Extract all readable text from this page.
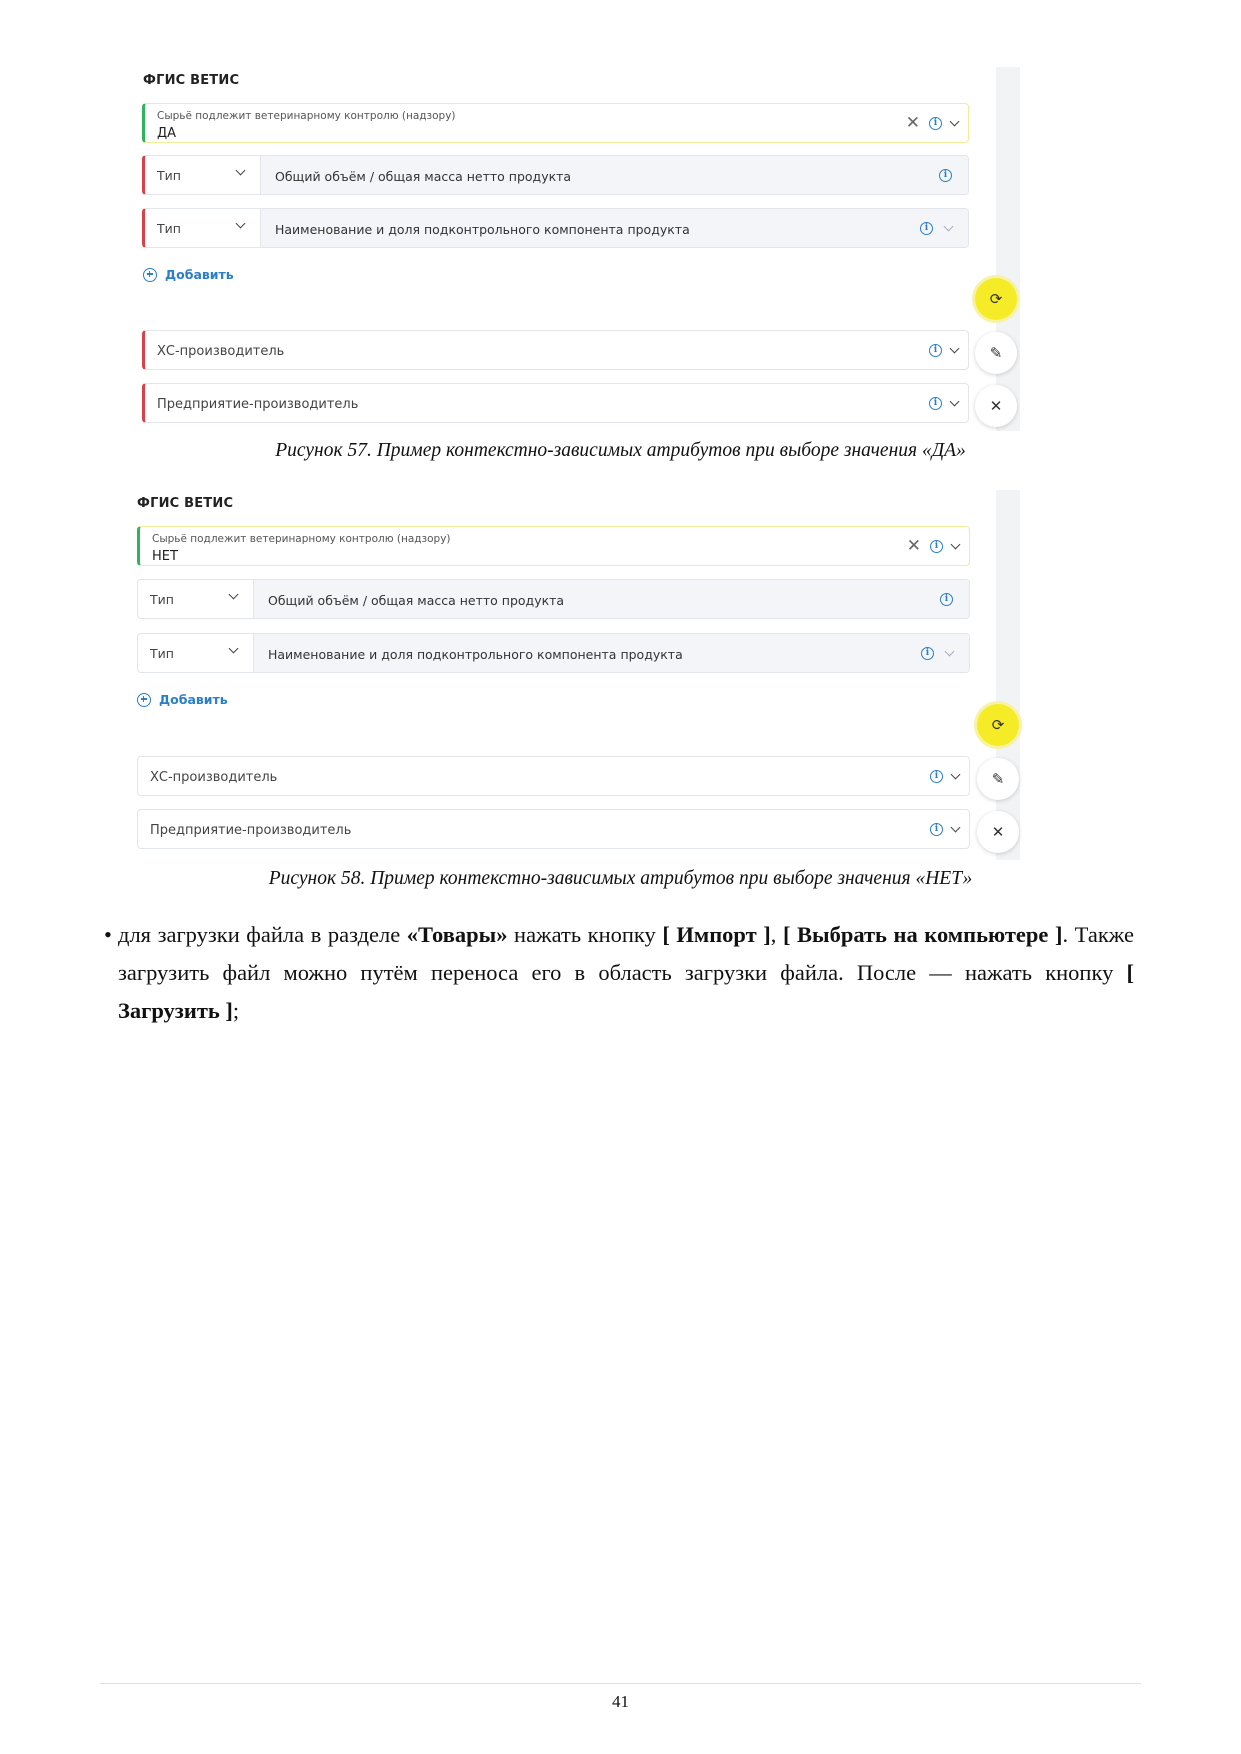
ФГИС ВЕТИС
Сырьё подлежит ветеринарному контролю (надзору)
ДА
✕	i
Тип	Общий объём / общая масса нетто продукта	i
Тип	Наименование и доля подконтрольного компонента продукта	i
Добавить
ХС-производитель	i
Предприятие-производитель	i
⟳
✎
✕
Рисунок 57. Пример контекстно-зависимых атрибутов при выборе значения «ДА»
ФГИС ВЕТИС
Сырьё подлежит ветеринарному контролю (надзору)
НЕТ
✕	i
Тип	Общий объём / общая масса нетто продукта	i
Тип	Наименование и доля подконтрольного компонента продукта	i
Добавить
ХС-производитель	i
Предприятие-производитель	i
⟳
✎
✕
Рисунок 58. Пример контекстно-зависимых атрибутов при выборе значения «НЕТ»
• для загрузки файла в разделе «Товары» нажать кнопку [ Импорт ], [ Выбрать на компьютере ]. Также загрузить файл можно путём переноса его в область загрузки файла. После — нажать кнопку [ Загрузить ];
41
